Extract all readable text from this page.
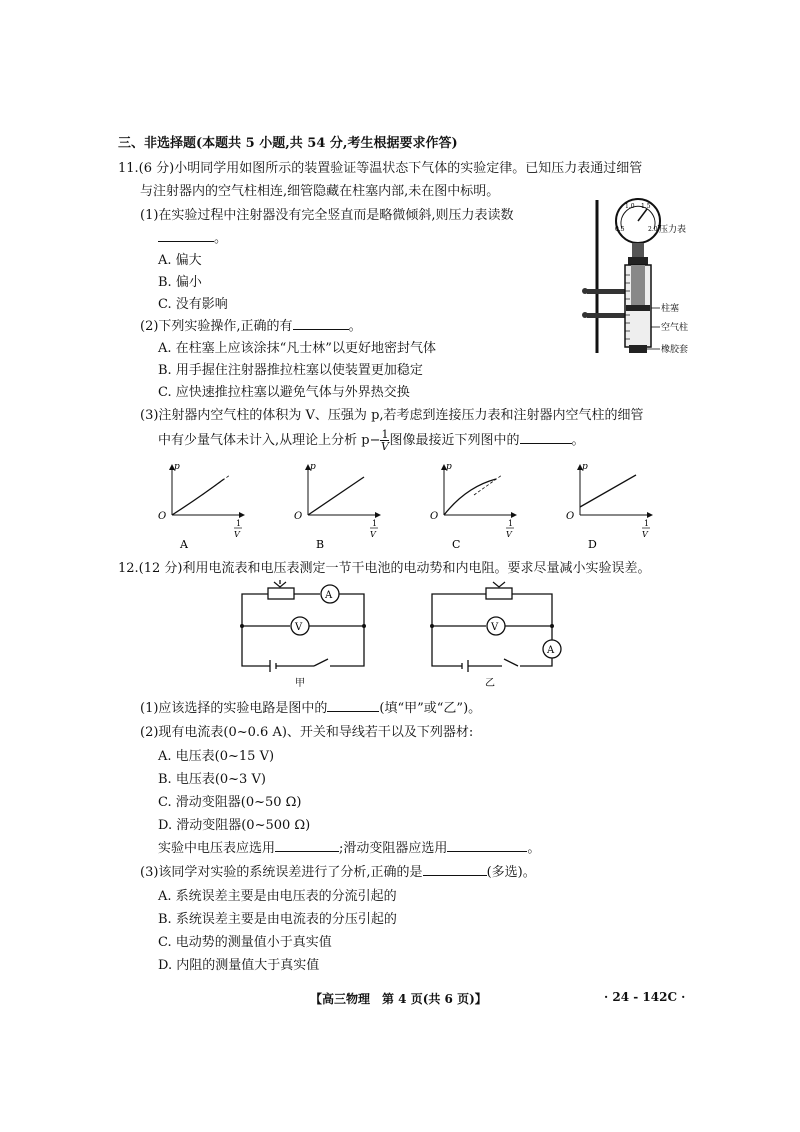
三、非选择题(本题共 5 小题,共 54 分,考生根据要求作答)
11.(6 分)小明同学用如图所示的装置验证等温状态下气体的实验定律。已知压力表通过细管
与注射器内的空气柱相连,细管隐藏在柱塞内部,未在图中标明。
(1)在实验过程中注射器没有完全竖直而是略微倾斜,则压力表读数
。
A. 偏大
B. 偏小
C. 没有影响
(2)下列实验操作,正确的有	。
A. 在柱塞上应该涂抹“凡士林”以更好地密封气体
B. 用手握住注射器推拉柱塞以使装置更加稳定
C. 应快速推拉柱塞以避免气体与外界热交换
(3)注射器内空气柱的体积为 V、压强为 p,若考虑到连接压力表和注射器内空气柱的细管
中有少量气体未计入,从理论上分析 $p- \frac{1}{V}$ 图像最接近下列图中的	。
0.5
1.0 1.5
2.0 压力表
柱塞
空气柱
橡胶套
O
p
1
V
A
O
p
1
V
B
O
p
1
V
C
O
p
1
V
D
12.(12 分)利用电流表和电压表测定一节干电池的电动势和内电阻。要求尽量减小实验误差。
A
V
甲
A
V
乙
(1)应该选择的实验电路是图中的	(填“甲”或“乙”)。
(2)现有电流表(0~0.6 A)、开关和导线若干以及下列器材:
A. 电压表(0~15 V)
B. 电压表(0~3 V)
C. 滑动变阻器(0~50 Ω)
D. 滑动变阻器(0~500 Ω)
实验中电压表应选用	;滑动变阻器应选用	。
(3)该同学对实验的系统误差进行了分析,正确的是	(多选)。
A. 系统误差主要是由电压表的分流引起的
B. 系统误差主要是由电流表的分压引起的
C. 电动势的测量值小于真实值
D. 内阻的测量值大于真实值
【高三物理　第 4 页(共 6 页)】	· 24 - 142C ·
